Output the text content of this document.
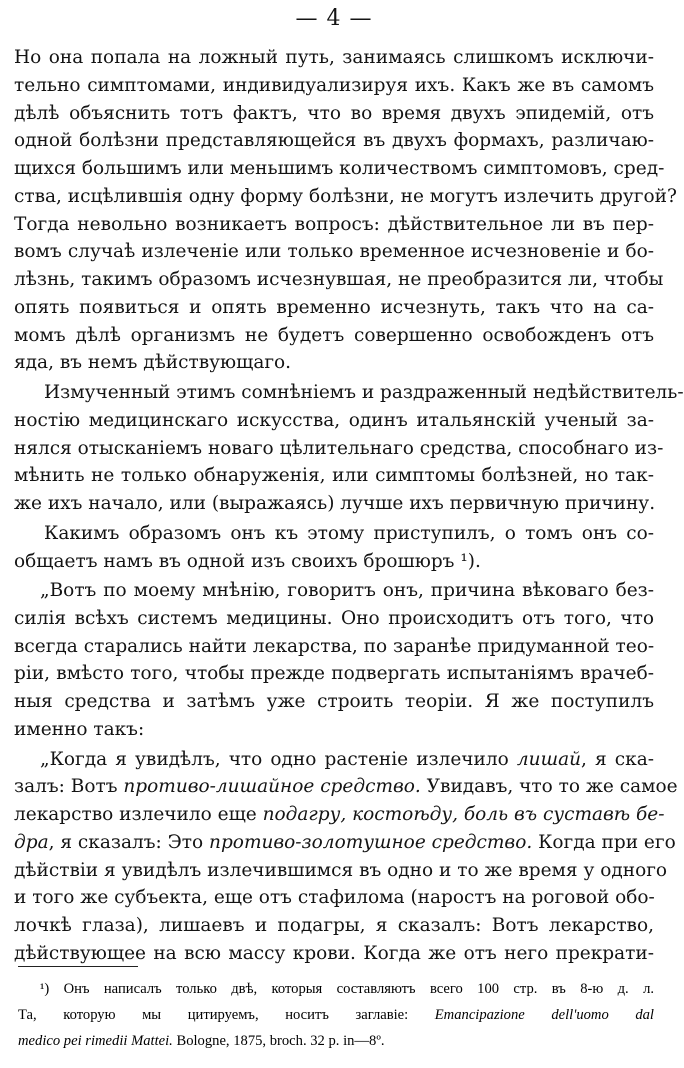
— 4 —
Но она попала на ложный путь, занимаясь слишкомъ исключи-
тельно симптомами, индивидуализируя ихъ. Какъ же въ самомъ
дѣлѣ объяснить тотъ фактъ, что во время двухъ эпидемій, отъ
одной болѣзни представляющейся въ двухъ формахъ, различаю-
щихся большимъ или меньшимъ количествомъ симптомовъ, сред-
ства, исцѣлившія одну форму болѣзни, не могутъ излечить другой?
Тогда невольно возникаетъ вопросъ: дѣйствительное ли въ пер-
вомъ случаѣ излеченіе или только временное исчезновеніе и бо-
лѣзнь, такимъ образомъ исчезнувшая, не преобразится ли, чтобы
опять появиться и опять временно исчезнуть, такъ что на са-
момъ дѣлѣ организмъ не будетъ совершенно освобожденъ отъ
яда, въ немъ дѣйствующаго.
Измученный этимъ сомнѣніемъ и раздраженный недѣйствитель-
ностію медицинскаго искусства, одинъ итальянскій ученый за-
нялся отысканіемъ новаго цѣлительнаго средства, способнаго из-
мѣнить не только обнаруженія, или симптомы болѣзней, но так-
же ихъ начало, или (выражаясь) лучше ихъ первичную причину.
Какимъ образомъ онъ къ этому приступилъ, о томъ онъ со-
общаетъ намъ въ одной изъ своихъ брошюръ ¹).
„Вотъ по моему мнѣнію, говоритъ онъ, причина вѣковаго без-
силія всѣхъ системъ медицины. Оно происходитъ отъ того, что
всегда старались найти лекарства, по заранѣе придуманной тео-
ріи, вмѣсто того, чтобы прежде подвергать испытаніямъ врачеб-
ныя средства и затѣмъ уже строить теоріи. Я же поступилъ
именно такъ:
„Когда я увидѣлъ, что одно растеніе излечило лишай, я ска-
залъ: Вотъ противо-лишайное средство. Увидавъ, что то же самое
лекарство излечило еще подагру, костоѣду, боль въ суставѣ бе-
дра, я сказалъ: Это противо-золотушное средство. Когда при его
дѣйствіи я увидѣлъ излечившимся въ одно и то же время у одного
и того же субъекта, еще отъ стафилома (наростъ на роговой обо-
лочкѣ глаза), лишаевъ и подагры, я сказалъ: Вотъ лекарство,
дѣйствующее на всю массу крови. Когда же отъ него прекрати-
¹) Онъ написалъ только двѣ, которыя составляютъ всего 100 стр. въ 8-ю д. л.
Та, которую мы цитируемъ, носитъ заглавіе: Emancipazione dell'uomo dal
medico pei rimedii Mattei. Bologne, 1875, broch. 32 p. in—8º.
